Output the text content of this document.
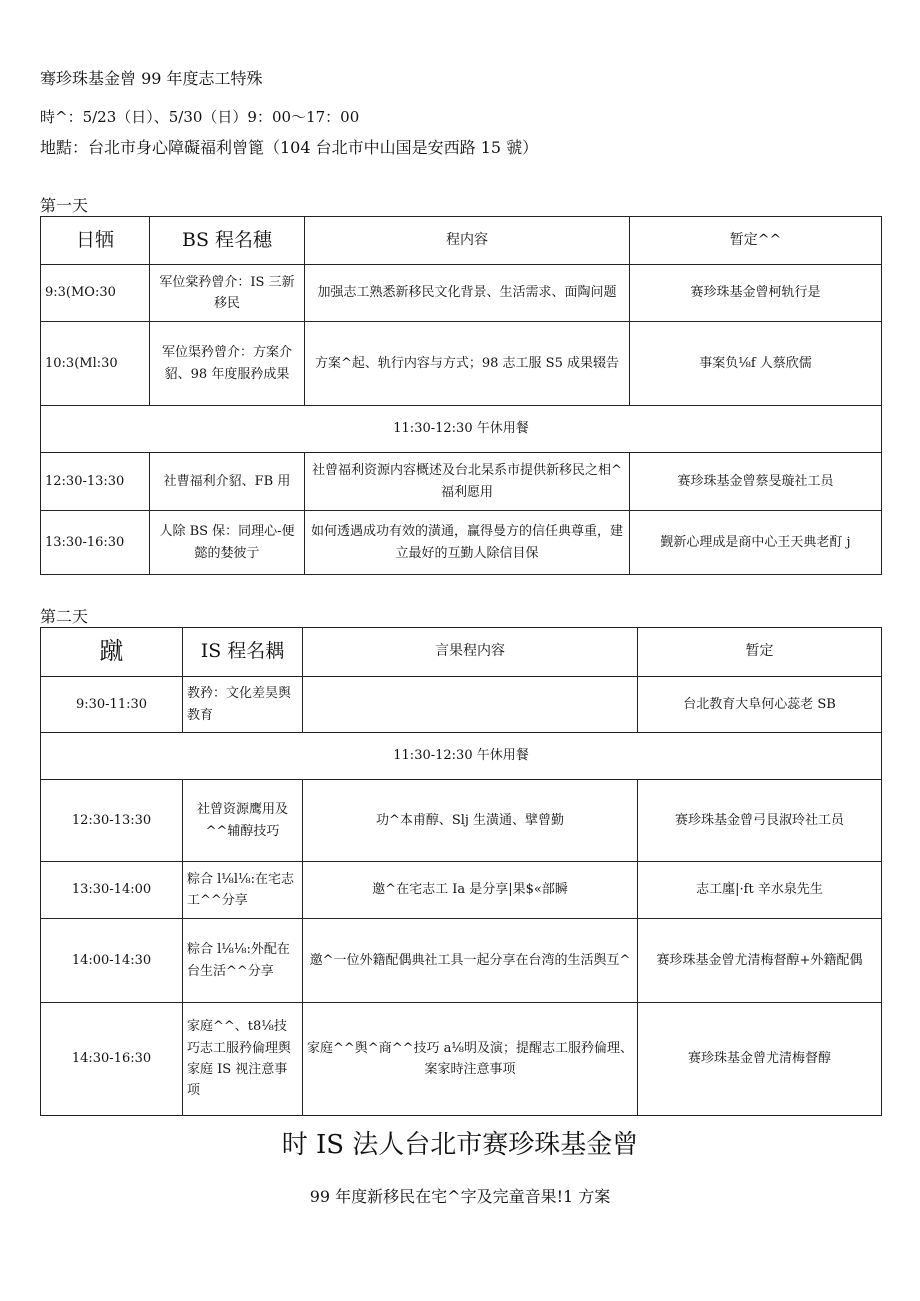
骞珍珠基金曾 99 年度志工特殊
時^：5/23（日）、5/30（日）9：00～17：00
地黠：台北市身心障礙福利曾篦（104 台北市中山国是安西路 15 虢）
第一天
日牺	BS 程名穗	程内容	暂定^^
9:3(MO:30	军位棠矜曾介：IS 三新移民	加强志工熟悉新移民文化背景、生活需求、面陶问题	赛珍珠基金曾柯轨行是
10:3(Ml:30	军位渠矜曾介：方案介貂、98 年度服矜成果	方案^起、轨行内容与方式；98 志工服 S5 成果辍告	事案负⅛f 人蔡欣儒
11:30-12:30 午休用餐			
12:30-13:30	社曹福利介貂、FB 用	社曾福利资源内容概述及台北杲系市提供新移民之相^福利愿用	赛珍珠基金曾蔡旻璇社工员
13:30-16:30	人除 BS 保：同理心-便懿的婪彼亍	如何透遇成功有效的潢通，赢得曼方的信任典尊重，建立最好的互勤人除信目保	觐新心理成是商中心王天典老酊 j
第二天
蹴	IS 程名耦	言果程内容	暂定
9:30-11:30	教矜：文化差昊舆教育		台北教育大阜何心蕊老 SB
11:30-12:30 午休用餐			
12:30-13:30	社曾资源鹰用及^^辅醇技巧	功^本甫醇、Slj 生潢通、擘曾勤	赛珍珠基金曾弓艮淑玲社工员
13:30-14:00	粽合 l⅛l⅛:在宅志工^^分享	邀^在宅志工 Ia 是分享|果$«部瞬	志工廛|·ft 辛水泉先生
14:00-14:30	粽合 l⅛⅛:外配在台生活^^分享	邀^一位外籍配偶典社工具一起分享在台湾的生活舆互^	赛珍珠基金曾尤清梅督醇+外籍配偶
14:30-16:30	家庭^^、t8⅛技巧志工服矜倫理舆家庭 IS 视注意事项	家庭^^舆^商^^技巧 a⅛明及演；提醒志工服矜倫理、案家時注意事项	赛珍珠基金曾尤清梅督醇
时 IS 法人台北市赛珍珠基金曾
99 年度新移民在宅^字及完童音果!1 方案
